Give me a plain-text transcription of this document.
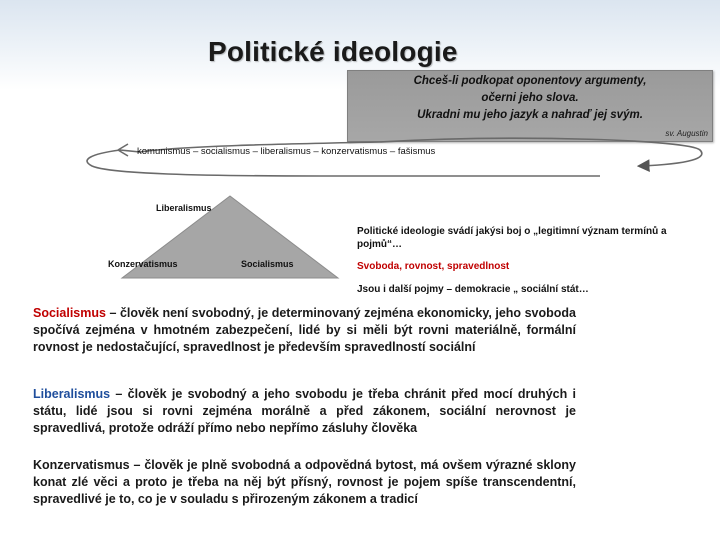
Politické ideologie
Chceš-li podkopat oponentovy argumenty,
očerni jeho slova.
Ukradni mu jeho jazyk a nahraď jej svým.
sv. Augustin
komunismus – socialismus – liberalismus – konzervatismus – fašismus
Liberalismus
Konzervatismus	Socialismus
Politické ideologie svádí jakýsi boj o „legitimní význam termínů a pojmů“…
Svoboda, rovnost, spravedlnost
Jsou i další pojmy – demokracie „ sociální stát…
Socialismus – člověk není svobodný, je determinovaný zejména ekonomicky, jeho svoboda spočívá zejména v hmotném zabezpečení, lidé by si měli být rovni materiálně, formální rovnost je nedostačující, spravedlnost je především spravedlností sociální
Liberalismus – člověk je svobodný a jeho svobodu je třeba chránit před mocí druhých i státu, lidé jsou si rovni zejména morálně a před zákonem, sociální nerovnost je spravedlivá, protože odráží přímo nebo nepřímo zásluhy člověka
Konzervatismus – člověk je plně svobodná a odpovědná bytost, má ovšem výrazné sklony konat zlé věci a proto je třeba na něj být přísný, rovnost je pojem spíše transcendentní, spravedlivé je to, co je v souladu s přirozeným zákonem a tradicí
